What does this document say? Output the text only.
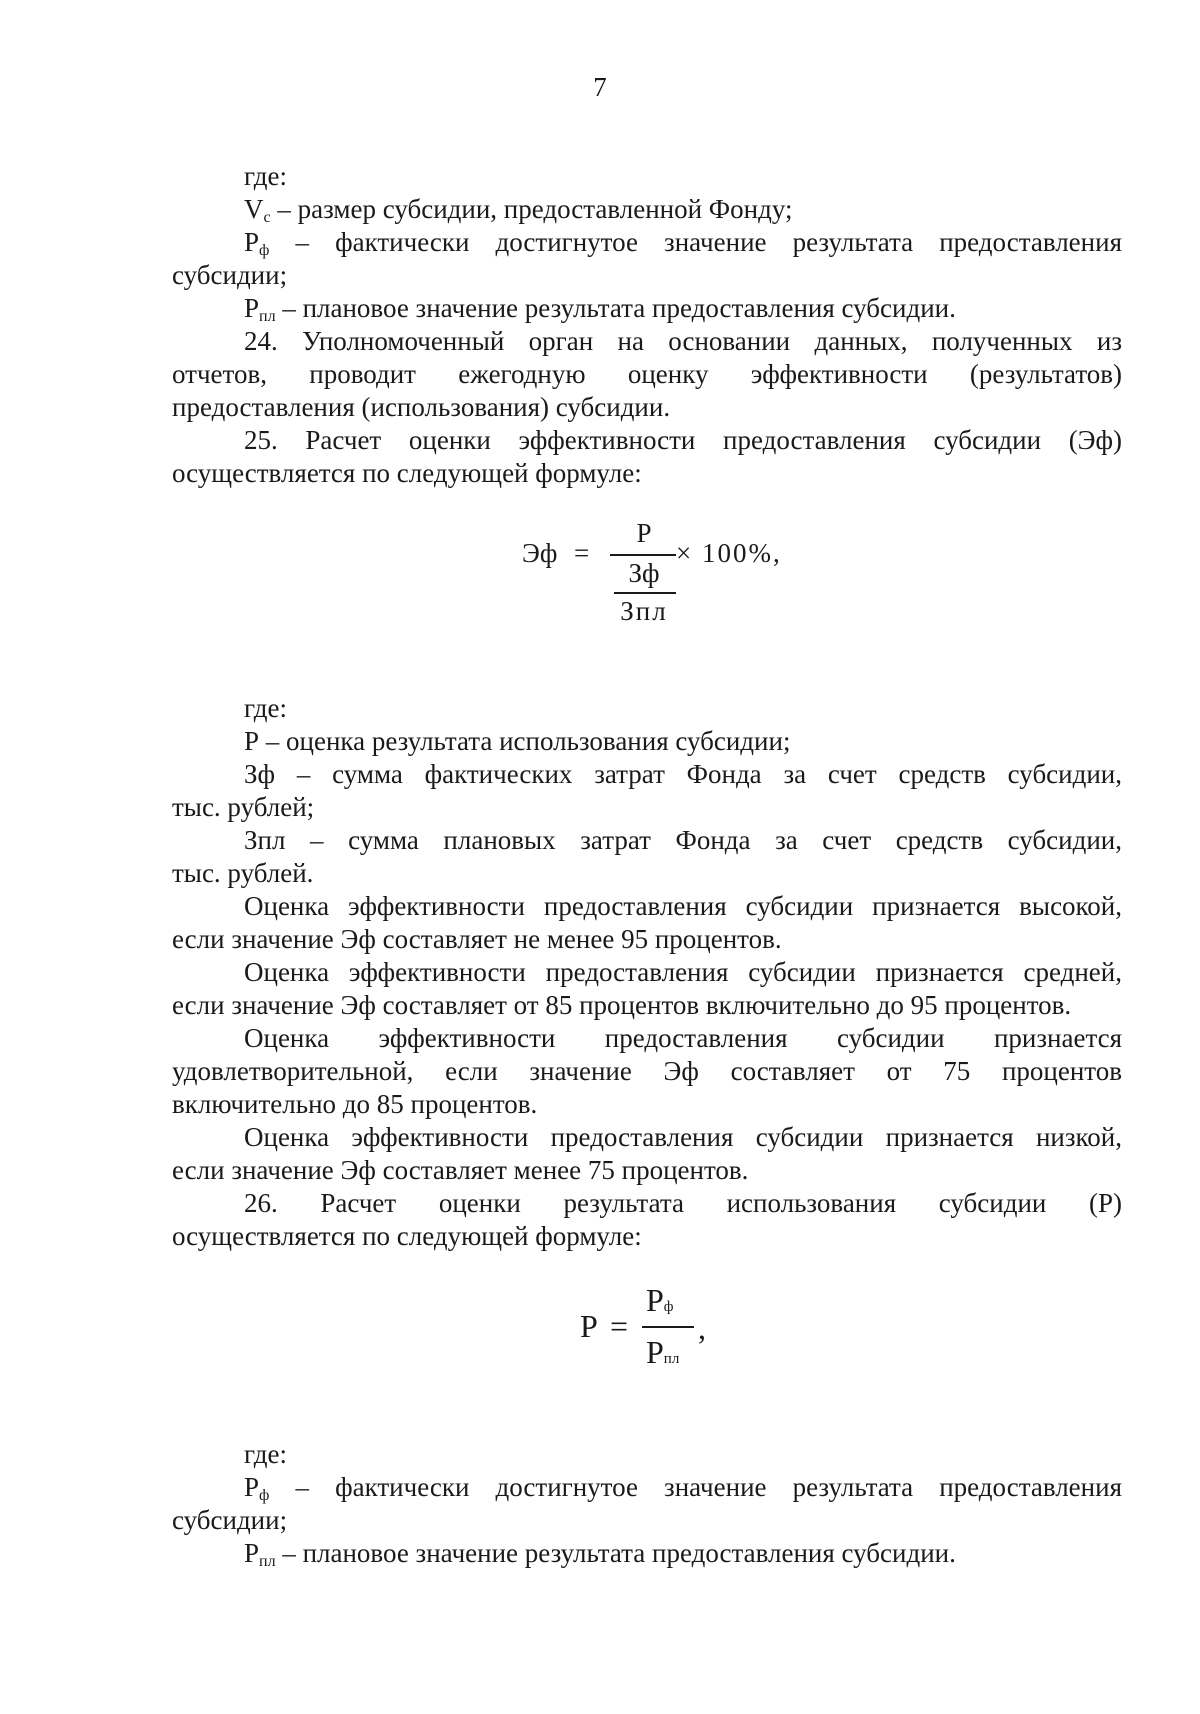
7

где:

$V_с$ – размер субсидии, предоставленной Фонду;

$Р_ф$ – фактически достигнутое значение результата предоставления

субсидии;

$Р_{пл}$ – плановое значение результата предоставления субсидии.

24. Уполномоченный орган на основании данных, полученных из

отчетов, проводит ежегодную оценку эффективности (результатов)

предоставления (использования) субсидии.

25. Расчет оценки эффективности предоставления субсидии (Эф)

осуществляется по следующей формуле:

Эф =
Р
Зф
Зпл
× 100%,

где:

Р – оценка результата использования субсидии;

Зф – сумма фактических затрат Фонда за счет средств субсидии,

тыс. рублей;

Зпл – сумма плановых затрат Фонда за счет средств субсидии,

тыс. рублей.

Оценка эффективности предоставления субсидии признается высокой,

если значение Эф составляет не менее 95 процентов.

Оценка эффективности предоставления субсидии признается средней,

если значение Эф составляет от 85 процентов включительно до 95 процентов.

Оценка эффективности предоставления субсидии признается

удовлетворительной, если значение Эф составляет от 75 процентов

включительно до 85 процентов.

Оценка эффективности предоставления субсидии признается низкой,

если значение Эф составляет менее 75 процентов.

26. Расчет оценки результата использования субсидии (Р)

осуществляется по следующей формуле:

Р =
Рф
Рпл
,

где:

$Р_ф$ – фактически достигнутое значение результата предоставления

субсидии;

$Р_{пл}$ – плановое значение результата предоставления субсидии.
